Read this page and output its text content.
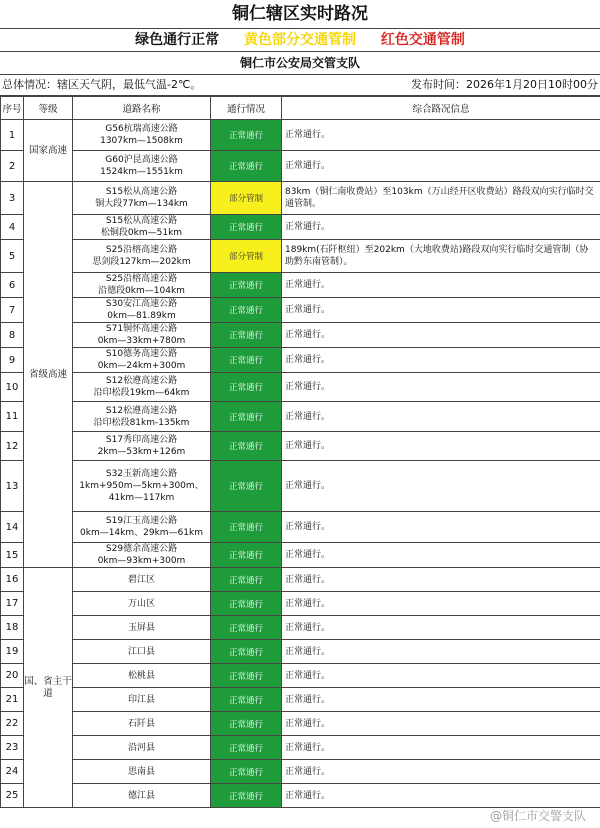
铜仁辖区实时路况
绿色通行正常 黄色部分交通管制 红色交通管制
铜仁市公安局交管支队
总体情况：辖区天气阴，最低气温-2℃。	发布时间：2026年1月20日10时00分
序号	等级	道路名称	通行情况	综合路况信息
1	国家高速	G56杭瑞高速公路
1307km—1508km	正常通行	正常通行。
2		G60沪昆高速公路
1524km—1551km	正常通行	正常通行。
3	省级高速	S15松从高速公路
铜大段77km—134km	部分管制	83km（铜仁南收费站）至103km（万山经开区收费站）路段双向实行临时交通管制。
4		S15松从高速公路
松铜段0km—51km	正常通行	正常通行。
5		S25沿榕高速公路
思剑段127km—202km	部分管制	189km(石阡枢纽）至202km（大地收费站)路段双向实行临时交通管制（协助黔东南管制）。
6		S25沿榕高速公路
沿德段0km—104km	正常通行	正常通行。
7		S30安江高速公路
0km—81.89km	正常通行	正常通行。
8		S71铜怀高速公路
0km—33km+780m	正常通行	正常通行。
9		S10德务高速公路
0km—24km+300m	正常通行	正常通行。
10		S12松遵高速公路
沿印松段19km—64km	正常通行	正常通行。
11		S12松遵高速公路
沿印松段81km-135km	正常通行	正常通行。
12		S17秀印高速公路
2km—53km+126m	正常通行	正常通行。
13		S32玉新高速公路
1km+950m—5km+300m、
41km—117km	正常通行	正常通行。
14		S19江玉高速公路
0km—14km、29km—61km	正常通行	正常通行。
15		S29德余高速公路
0km—93km+300m	正常通行	正常通行。
16	国、省主干道	碧江区	正常通行	正常通行。
17		万山区	正常通行	正常通行。
18		玉屏县	正常通行	正常通行。
19		江口县	正常通行	正常通行。
20		松桃县	正常通行	正常通行。
21		印江县	正常通行	正常通行。
22		石阡县	正常通行	正常通行。
23		沿河县	正常通行	正常通行。
24		思南县	正常通行	正常通行。
25		德江县	正常通行	正常通行。
@铜仁市交警支队
